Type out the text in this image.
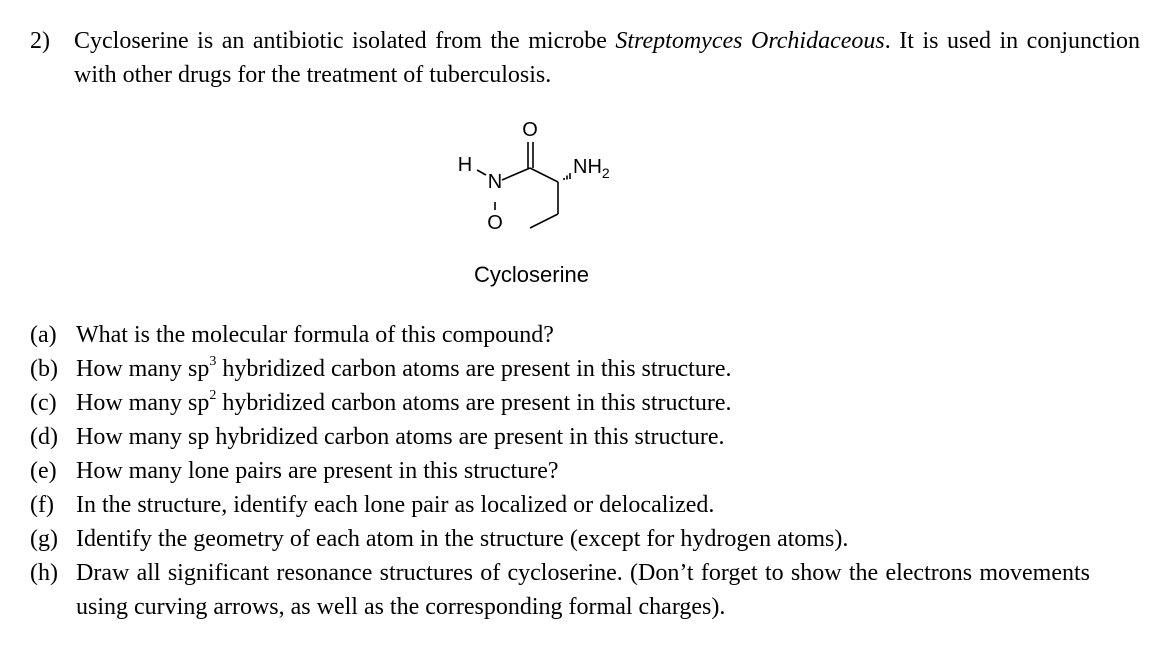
2) Cycloserine is an antibiotic isolated from the microbe Streptomyces Orchidaceous. It is used in conjunction with other drugs for the treatment of tuberculosis.
O
H
N
O
$NH_2$
Cycloserine
(a) What is the molecular formula of this compound?
(b) How many $sp^3$ hybridized carbon atoms are present in this structure.
(c) How many $sp^2$ hybridized carbon atoms are present in this structure.
(d) How many sp hybridized carbon atoms are present in this structure.
(e) How many lone pairs are present in this structure?
(f) In the structure, identify each lone pair as localized or delocalized.
(g) Identify the geometry of each atom in the structure (except for hydrogen atoms).
(h) Draw all significant resonance structures of cycloserine. (Don’t forget to show the electrons movements using curving arrows, as well as the corresponding formal charges).
